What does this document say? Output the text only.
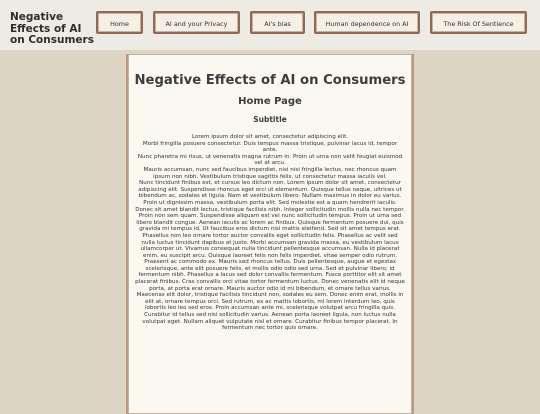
Negative Effects of AI on Consumers
Home	AI and your Privacy	AI's bias	Human dependence on AI	The Risk Of Sentience
Negative Effects of AI on Consumers
Home Page
Subtitle
Lorem ipsum dolor sit amet, consectetur adipiscing elit.
Morbi fringilla posuere consectetur. Duis tempus massa tristique, pulvinar lacus id, tempor ante.
Nunc pharetra mi risus, ut venenatis magna rutrum in. Proin ut urna non velit feugiat euismod vel at arcu.
Mauris accumsan, nunc sed faucibus imperdiet, nisi nisi fringilla lectus, nec rhoncus quam ipsum non nibh. Vestibulum tristique sagittis felis, ut consectetur massa iaculis vel.
Nunc tincidunt finibus est, et cursus leo dictum non. Lorem ipsum dolor sit amet, consectetur adipiscing elit. Suspendisse rhoncus eget orci ut elementum. Quisque tellus neque, ultrices ut bibendum ac, sodales et ligula. Nam et vestibulum libero. Nullam maximus in dolor eu varius. Proin ut dignissim massa, vestibulum porta elit. Sed molestie est a quam hendrerit iaculis. Donec sit amet blandit lectus, tristique facilisis nibh. Integer sollicitudin mollis nulla nec tempor. Proin non sem quam. Suspendisse aliquam est vel nunc sollicitudin tempus. Proin ut urna sed libero blandit congue. Aenean iaculis ac lorem ac finibus. Quisque fermentum posuere dui, quis gravida mi tempus id. Ut faucibus eros dictum nisi mattis eleifend. Sed sit amet tempus erat. Phasellus non leo ornare tortor auctor convallis eget sollicitudin felis. Phasellus ac velit sed nulla luctus tincidunt dapibus at justo. Morbi accumsan gravida massa, eu vestibulum lacus ullamcorper ut. Vivamus consequat nulla tincidunt pellentesque accumsan. Nulla id placerat enim, eu suscipit arcu. Quisque laoreet felis non felis imperdiet, vitae semper odio rutrum. Praesent ac commodo ex. Mauris sed rhoncus tellus. Duis pellentesque, augue et egestas scelerisque, ante elit posuere felis, et mollis odio odio sed urna. Sed et pulvinar libero, id fermentum nibh. Phasellus a lacus sed dolor convallis fermentum. Fusce porttitor elit sit amet placerat finibus. Cras convallis orci vitae tortor fermentum luctus. Donec venenatis elit id neque porta, at porta erat ornare. Mauris auctor odio id mi bibendum, et ornare tellus varius. Maecenas elit dolor, tristique facilisis tincidunt non, sodales eu sem. Donec enim erat, mollis in elit at, ornare tempus orci. Sed rutrum, ex ac mattis lobortis, mi lorem interdum leo, quis lobortis leo leo sed eros. Proin accumsan ante mi, scelerisque volutpat arcu fringilla quis. Curabitur id tellus sed nisi sollicitudin varius. Aenean porta laoreet ligula, non luctus nulla volutpat eget. Nullam aliquet vulputate nisl et ornare. Curabitur finibus tempor placerat. In fermentum nec tortor quis ornare.
